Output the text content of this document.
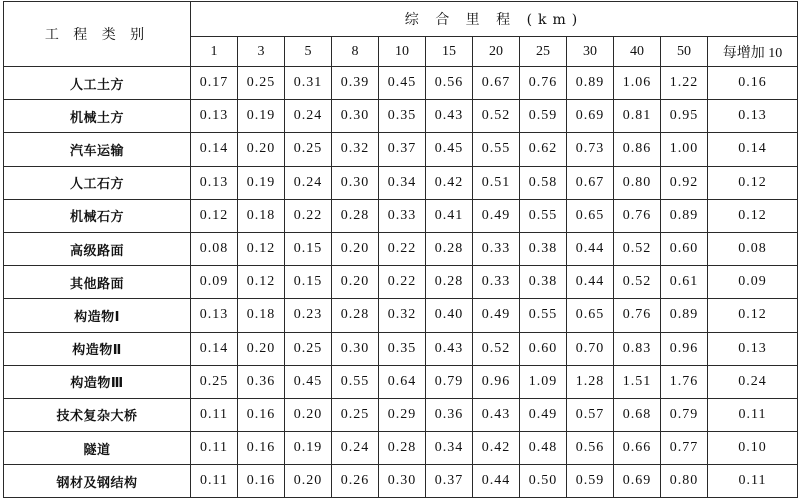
工 程 类 别	综 合 里 程 (km)											
	1	3	5	8	10	15	20	25	30	40	50	每增加 10
人工土方	0.17	0.25	0.31	0.39	0.45	0.56	0.67	0.76	0.89	1.06	1.22	0.16
机械土方	0.13	0.19	0.24	0.30	0.35	0.43	0.52	0.59	0.69	0.81	0.95	0.13
汽车运输	0.14	0.20	0.25	0.32	0.37	0.45	0.55	0.62	0.73	0.86	1.00	0.14
人工石方	0.13	0.19	0.24	0.30	0.34	0.42	0.51	0.58	0.67	0.80	0.92	0.12
机械石方	0.12	0.18	0.22	0.28	0.33	0.41	0.49	0.55	0.65	0.76	0.89	0.12
高级路面	0.08	0.12	0.15	0.20	0.22	0.28	0.33	0.38	0.44	0.52	0.60	0.08
其他路面	0.09	0.12	0.15	0.20	0.22	0.28	0.33	0.38	0.44	0.52	0.61	0.09
构造物Ⅰ	0.13	0.18	0.23	0.28	0.32	0.40	0.49	0.55	0.65	0.76	0.89	0.12
构造物Ⅱ	0.14	0.20	0.25	0.30	0.35	0.43	0.52	0.60	0.70	0.83	0.96	0.13
构造物Ⅲ	0.25	0.36	0.45	0.55	0.64	0.79	0.96	1.09	1.28	1.51	1.76	0.24
技术复杂大桥	0.11	0.16	0.20	0.25	0.29	0.36	0.43	0.49	0.57	0.68	0.79	0.11
隧道	0.11	0.16	0.19	0.24	0.28	0.34	0.42	0.48	0.56	0.66	0.77	0.10
钢材及钢结构	0.11	0.16	0.20	0.26	0.30	0.37	0.44	0.50	0.59	0.69	0.80	0.11
